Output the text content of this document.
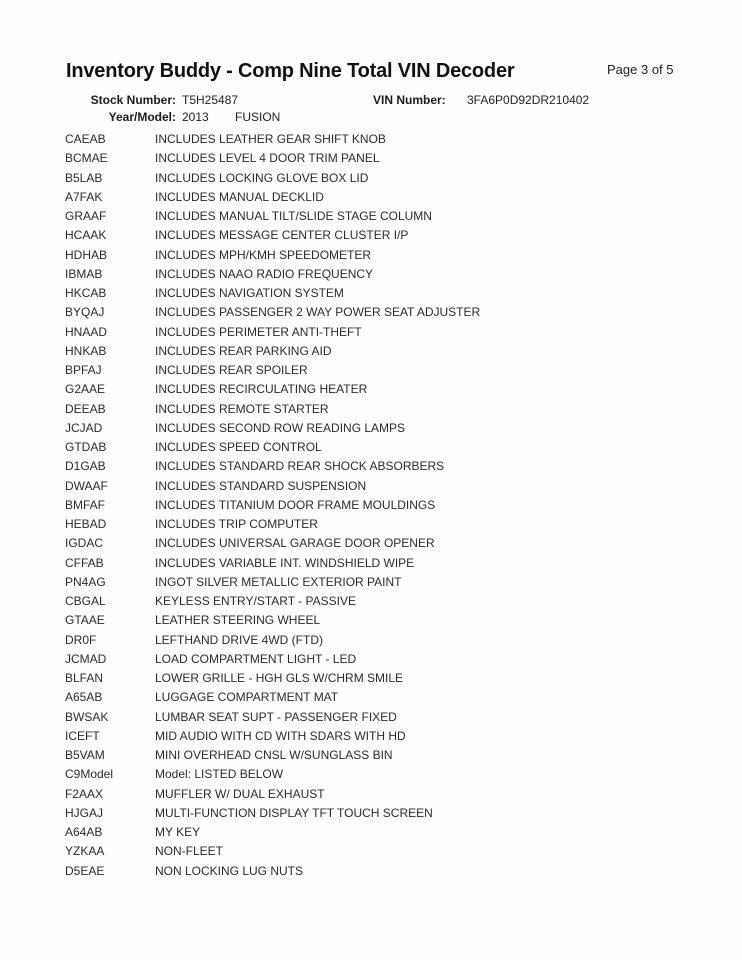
Inventory Buddy - Comp Nine Total VIN Decoder	Page 3 of 5
Stock Number: T5H25487	VIN Number: 3FA6P0D92DR210402
Year/Model: 2013 FUSION
CAEAB	INCLUDES LEATHER GEAR SHIFT KNOB
BCMAE	INCLUDES LEVEL 4 DOOR TRIM PANEL
B5LAB	INCLUDES LOCKING GLOVE BOX LID
A7FAK	INCLUDES MANUAL DECKLID
GRAAF	INCLUDES MANUAL TILT/SLIDE STAGE COLUMN
HCAAK	INCLUDES MESSAGE CENTER CLUSTER I/P
HDHAB	INCLUDES MPH/KMH SPEEDOMETER
IBMAB	INCLUDES NAAO RADIO FREQUENCY
HKCAB	INCLUDES NAVIGATION SYSTEM
BYQAJ	INCLUDES PASSENGER 2 WAY POWER SEAT ADJUSTER
HNAAD	INCLUDES PERIMETER ANTI-THEFT
HNKAB	INCLUDES REAR PARKING AID
BPFAJ	INCLUDES REAR SPOILER
G2AAE	INCLUDES RECIRCULATING HEATER
DEEAB	INCLUDES REMOTE STARTER
JCJAD	INCLUDES SECOND ROW READING LAMPS
GTDAB	INCLUDES SPEED CONTROL
D1GAB	INCLUDES STANDARD REAR SHOCK ABSORBERS
DWAAF	INCLUDES STANDARD SUSPENSION
BMFAF	INCLUDES TITANIUM DOOR FRAME MOULDINGS
HEBAD	INCLUDES TRIP COMPUTER
IGDAC	INCLUDES UNIVERSAL GARAGE DOOR OPENER
CFFAB	INCLUDES VARIABLE INT. WINDSHIELD WIPE
PN4AG	INGOT SILVER METALLIC EXTERIOR PAINT
CBGAL	KEYLESS ENTRY/START - PASSIVE
GTAAE	LEATHER STEERING WHEEL
DR0F	LEFTHAND DRIVE 4WD (FTD)
JCMAD	LOAD COMPARTMENT LIGHT - LED
BLFAN	LOWER GRILLE - HGH GLS W/CHRM SMILE
A65AB	LUGGAGE COMPARTMENT MAT
BWSAK	LUMBAR SEAT SUPT - PASSENGER FIXED
ICEFT	MID AUDIO WITH CD WITH SDARS WITH HD
B5VAM	MINI OVERHEAD CNSL W/SUNGLASS BIN
C9Model	Model: LISTED BELOW
F2AAX	MUFFLER W/ DUAL EXHAUST
HJGAJ	MULTI-FUNCTION DISPLAY TFT TOUCH SCREEN
A64AB	MY KEY
YZKAA	NON-FLEET
D5EAE	NON LOCKING LUG NUTS
